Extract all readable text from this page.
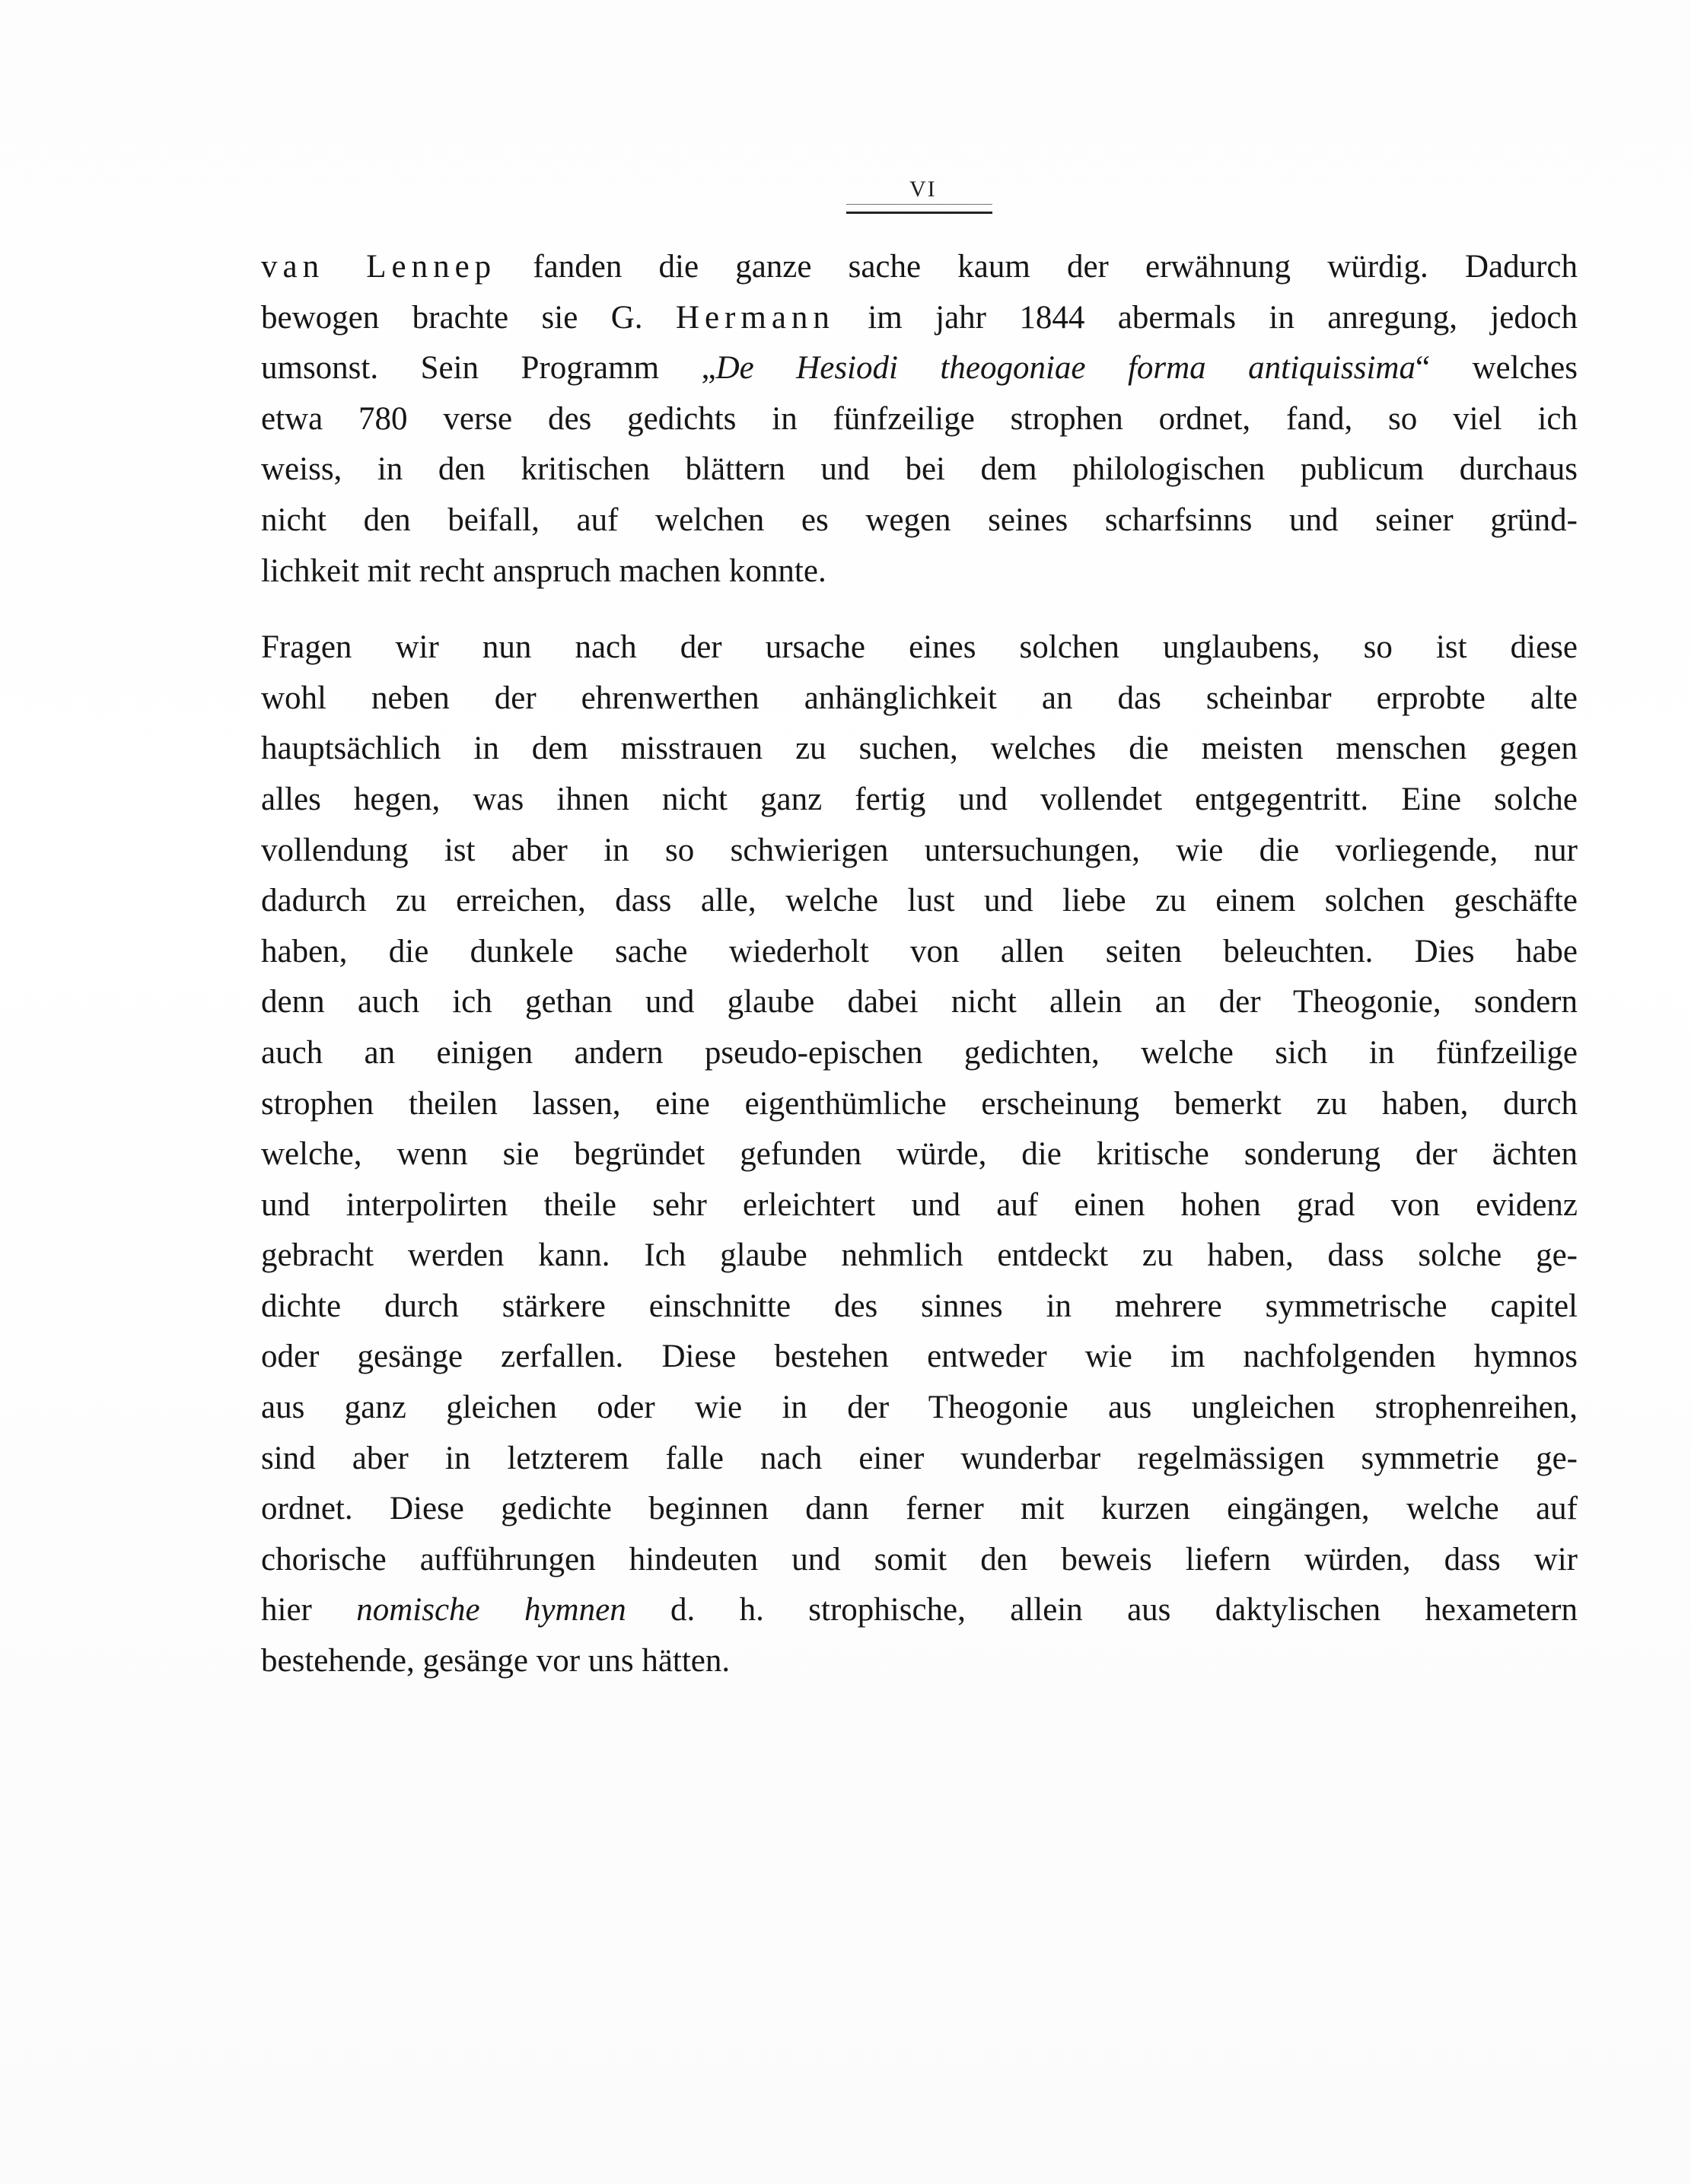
VI
van Lennep fanden die ganze sache kaum der erwähnung würdig. Dadurch
bewogen brachte sie G. Hermann im jahr 1844 abermals in anregung, jedoch
umsonst. Sein Programm „De Hesiodi theogoniae forma antiquissima“ welches
etwa 780 verse des gedichts in fünfzeilige strophen ordnet, fand, so viel ich
weiss, in den kritischen blättern und bei dem philologischen publicum durchaus
nicht den beifall, auf welchen es wegen seines scharfsinns und seiner gründ-
lichkeit mit recht anspruch machen konnte.
Fragen wir nun nach der ursache eines solchen unglaubens, so ist diese
wohl neben der ehrenwerthen anhänglichkeit an das scheinbar erprobte alte
hauptsächlich in dem misstrauen zu suchen, welches die meisten menschen gegen
alles hegen, was ihnen nicht ganz fertig und vollendet entgegentritt. Eine solche
vollendung ist aber in so schwierigen untersuchungen, wie die vorliegende, nur
dadurch zu erreichen, dass alle, welche lust und liebe zu einem solchen geschäfte
haben, die dunkele sache wiederholt von allen seiten beleuchten. Dies habe
denn auch ich gethan und glaube dabei nicht allein an der Theogonie, sondern
auch an einigen andern pseudo-epischen gedichten, welche sich in fünfzeilige
strophen theilen lassen, eine eigenthümliche erscheinung bemerkt zu haben, durch
welche, wenn sie begründet gefunden würde, die kritische sonderung der ächten
und interpolirten theile sehr erleichtert und auf einen hohen grad von evidenz
gebracht werden kann. Ich glaube nehmlich entdeckt zu haben, dass solche ge-
dichte durch stärkere einschnitte des sinnes in mehrere symmetrische capitel
oder gesänge zerfallen. Diese bestehen entweder wie im nachfolgenden hymnos
aus ganz gleichen oder wie in der Theogonie aus ungleichen strophenreihen,
sind aber in letzterem falle nach einer wunderbar regelmässigen symmetrie ge-
ordnet. Diese gedichte beginnen dann ferner mit kurzen eingängen, welche auf
chorische aufführungen hindeuten und somit den beweis liefern würden, dass wir
hier nomische hymnen d. h. strophische, allein aus daktylischen hexametern
bestehende, gesänge vor uns hätten.
